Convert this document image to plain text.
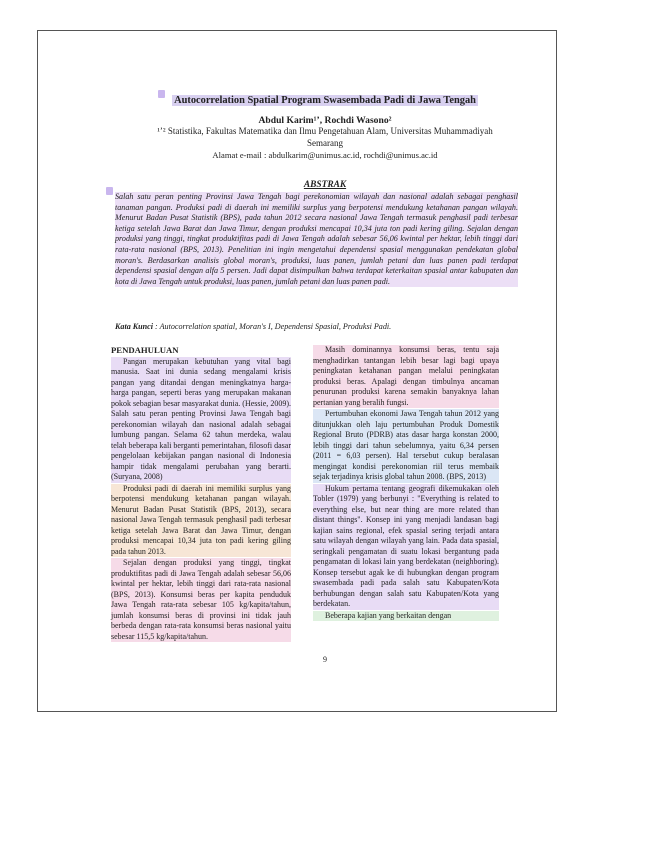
Autocorrelation Spatial Program Swasembada Padi di Jawa Tengah
Abdul Karim¹ʼ, Rochdi Wasono²
¹ʼ² Statistika, Fakultas Matematika dan Ilmu Pengetahuan Alam, Universitas Muhammadiyah Semarang
Alamat e-mail : abdulkarim@unimus.ac.id, rochdi@unimus.ac.id
ABSTRAK
Salah satu peran penting Provinsi Jawa Tengah bagi perekonomian wilayah dan nasional adalah sebagai penghasil tanaman pangan. Produksi padi di daerah ini memiliki surplus yang berpotensi mendukung ketahanan pangan wilayah. Menurut Badan Pusat Statistik (BPS), pada tahun 2012 secara nasional Jawa Tengah termasuk penghasil padi terbesar ketiga setelah Jawa Barat dan Jawa Timur, dengan produksi mencapai 10,34 juta ton padi kering giling. Sejalan dengan produksi yang tinggi, tingkat produktifitas padi di Jawa Tengah adalah sebesar 56,06 kwintal per hektar, lebih tinggi dari rata-rata nasional (BPS, 2013). Penelitian ini ingin mengetahui dependensi spasial menggunakan pendekatan global moran's. Berdasarkan analisis global moran's, produksi, luas panen, jumlah petani dan luas panen padi terdapat dependensi spasial dengan alfa 5 persen. Jadi dapat disimpulkan bahwa terdapat keterkaitan spasial antar kabupaten dan kota di Jawa Tengah untuk produksi, luas panen, jumlah petani dan luas panen padi.
Kata Kunci : Autocorrelation spatial, Moran's I, Dependensi Spasial, Produksi Padi.
PENDAHULUAN

Pangan merupakan kebutuhan yang vital bagi manusia. Saat ini dunia sedang mengalami krisis pangan yang ditandai dengan meningkatnya harga-harga pangan, seperti beras yang merupakan makanan pokok sebagian besar masyarakat dunia. (Hessie, 2009). Salah satu peran penting Provinsi Jawa Tengah bagi perekonomian wilayah dan nasional adalah sebagai lumbung pangan. Selama 62 tahun merdeka, walau telah beberapa kali berganti pemerintahan, filosofi dasar pengelolaan kebijakan pangan nasional di Indonesia hampir tidak mengalami perubahan yang berarti. (Suryana, 2008)

Produksi padi di daerah ini memiliki surplus yang berpotensi mendukung ketahanan pangan wilayah. Menurut Badan Pusat Statistik (BPS, 2013), secara nasional Jawa Tengah termasuk penghasil padi terbesar ketiga setelah Jawa Barat dan Jawa Timur, dengan produksi mencapai 10,34 juta ton padi kering giling pada tahun 2013.

Sejalan dengan produksi yang tinggi, tingkat produktifitas padi di Jawa Tengah adalah sebesar 56,06 kwintal per hektar, lebih tinggi dari rata-rata nasional (BPS, 2013). Konsumsi beras per kapita penduduk Jawa Tengah rata-rata sebesar 105 kg/kapita/tahun, jumlah konsumsi beras di provinsi ini tidak jauh berbeda dengan rata-rata konsumsi beras nasional yaitu sebesar 115,5 kg/kapita/tahun.

Masih dominannya konsumsi beras, tentu saja menghadirkan tantangan lebih besar lagi bagi upaya peningkatan ketahanan pangan melalui peningkatan produksi beras. Apalagi dengan timbulnya ancaman penurunan produksi karena semakin banyaknya lahan pertanian yang beralih fungsi.

Pertumbuhan ekonomi Jawa Tengah tahun 2012 yang ditunjukkan oleh laju pertumbuhan Produk Domestik Regional Bruto (PDRB) atas dasar harga konstan 2000, lebih tinggi dari tahun sebelumnya, yaitu 6,34 persen (2011 = 6,03 persen). Hal tersebut cukup beralasan mengingat kondisi perekonomian riil terus membaik sejak terjadinya krisis global tahun 2008. (BPS, 2013)

Hukum pertama tentang geografi dikemukakan oleh Tobler (1979) yang berbunyi : "Everything is related to everything else, but near thing are more related than distant things". Konsep ini yang menjadi landasan bagi kajian sains regional, efek spasial sering terjadi antara satu wilayah dengan wilayah yang lain. Pada data spasial, seringkali pengamatan di suatu lokasi bergantung pada pengamatan di lokasi lain yang berdekatan (neighboring). Konsep tersebut agak ke di hubungkan dengan program swasembada padi pada salah satu Kabupaten/Kota berhubungan dengan salah satu Kabupaten/Kota yang berdekatan.

Beberapa kajian yang berkaitan dengan

9
